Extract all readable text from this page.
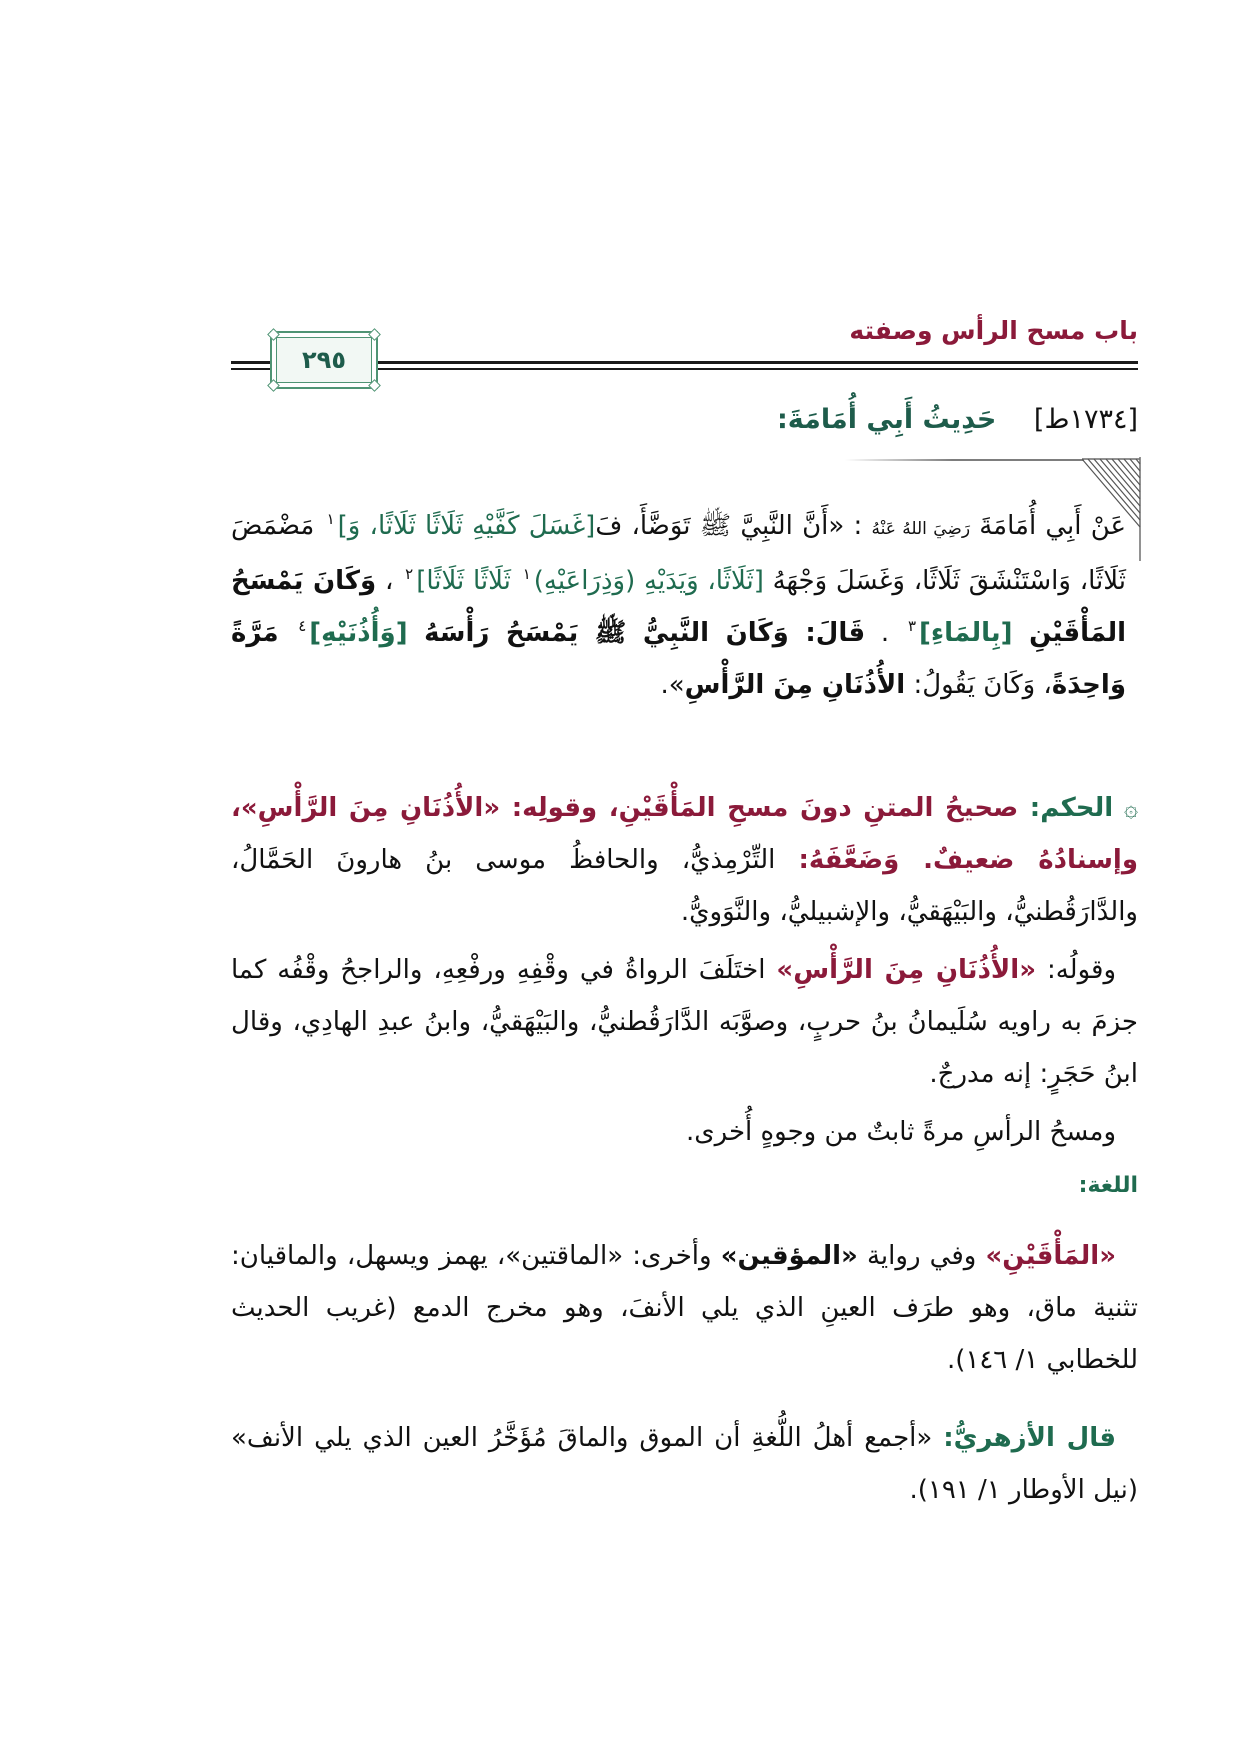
باب مسح الرأس وصفته
٢٩٥
[١٧٣٤ط]    حَدِيثُ أَبِي أُمَامَةَ:

عَنْ أَبِي أُمَامَةَ رَضِيَ اللهُ عَنْهُ : «أَنَّ النَّبِيَّ ﷺ تَوَضَّأَ، فَ[غَسَلَ كَفَّيْهِ ثَلَاثًا ثَلَاثًا، وَ]$^١$ مَضْمَضَ ثَلَاثًا، وَاسْتَنْشَقَ ثَلَاثًا، وَغَسَلَ وَجْهَهُ [ثَلَاثًا، وَيَدَيْهِ (وَذِرَاعَيْهِ)$^١$ ثَلَاثًا ثَلَاثًا]$^٢$ ، وَكَانَ يَمْسَحُ المَأْقَيْنِ [بِالمَاءِ]$^٣$ . قَالَ: وَكَانَ النَّبِيُّ ﷺ يَمْسَحُ رَأْسَهُ [وَأُذُنَيْهِ]$^٤$ مَرَّةً وَاحِدَةً، وَكَانَ يَقُولُ: الأُذُنَانِ مِنَ الرَّأْسِ».

۞ الحكم: صحيحُ المتنِ دونَ مسحِ المَأْقَيْنِ، وقولِه: «الأُذُنَانِ مِنَ الرَّأْسِ»، وإسنادُهُ ضعيفٌ. وَضَعَّفَهُ: التِّرْمِذيُّ، والحافظُ موسى بنُ هارونَ الحَمَّالُ، والدَّارَقُطنيُّ، والبَيْهَقيُّ، والإشبيليُّ، والنَّوَويُّ.

وقولُه: «الأُذُنَانِ مِنَ الرَّأْسِ» اختَلَفَ الرواةُ في وقْفِهِ ورفْعِهِ، والراجحُ وقْفُه كما جزمَ به راويه سُلَيمانُ بنُ حربٍ، وصوَّبَه الدَّارَقُطنيُّ، والبَيْهَقيُّ، وابنُ عبدِ الهادِي، وقال ابنُ حَجَرٍ: إنه مدرجٌ.

ومسحُ الرأسِ مرةً ثابتٌ من وجوهٍ أُخرى.

اللغة:

«المَأْقَيْنِ» وفي رواية «المؤقين» وأخرى: «الماقتين»، يهمز ويسهل، والماقيان: تثنية ماق، وهو طرَف العينِ الذي يلي الأنفَ، وهو مخرج الدمع (غريب الحديث للخطابي ١/ ١٤٦).

قال الأزهريُّ: «أجمع أهلُ اللُّغةِ أن الموق والماقَ مُؤَخَّرُ العين الذي يلي الأنف» (نيل الأوطار ١/ ١٩١).
